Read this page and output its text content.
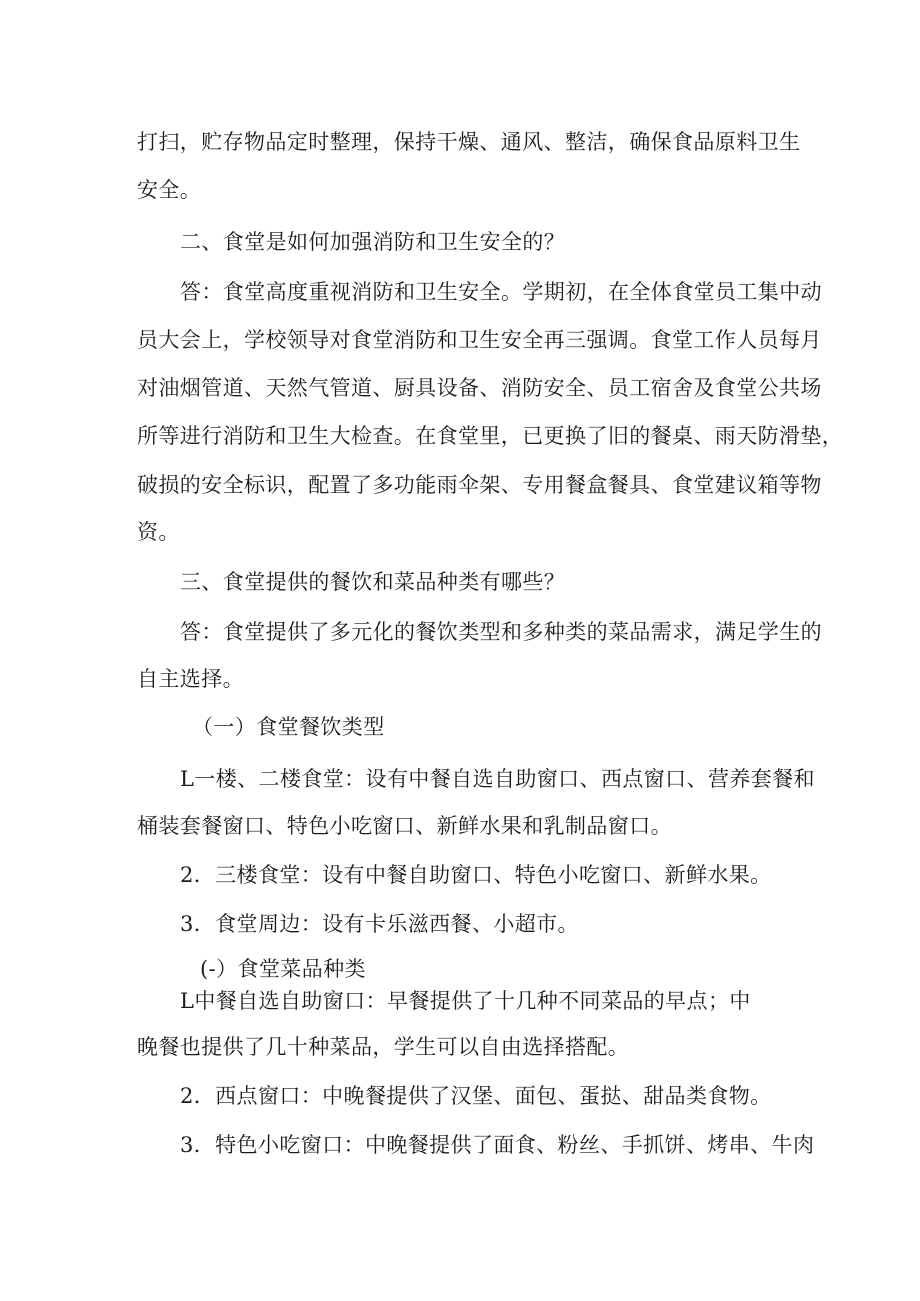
打扫，贮存物品定时整理，保持干燥、通风、整洁，确保食品原料卫生
安全。
二、食堂是如何加强消防和卫生安全的？
答：食堂高度重视消防和卫生安全。学期初，在全体食堂员工集中动
员大会上，学校领导对食堂消防和卫生安全再三强调。食堂工作人员每月
对油烟管道、天然气管道、厨具设备、消防安全、员工宿舍及食堂公共场
所等进行消防和卫生大检查。在食堂里，已更换了旧的餐桌、雨天防滑垫，
破损的安全标识，配置了多功能雨伞架、专用餐盒餐具、食堂建议箱等物
资。
三、食堂提供的餐饮和菜品种类有哪些？
答：食堂提供了多元化的餐饮类型和多种类的菜品需求，满足学生的
自主选择。
（一）食堂餐饮类型
L一楼、二楼食堂：设有中餐自选自助窗口、西点窗口、营养套餐和
桶装套餐窗口、特色小吃窗口、新鲜水果和乳制品窗口。
2．三楼食堂：设有中餐自助窗口、特色小吃窗口、新鲜水果。
3．食堂周边：设有卡乐滋西餐、小超市。
(-）食堂菜品种类
L中餐自选自助窗口：早餐提供了十几种不同菜品的早点；中
晚餐也提供了几十种菜品，学生可以自由选择搭配。
2．西点窗口：中晚餐提供了汉堡、面包、蛋挞、甜品类食物。
3．特色小吃窗口：中晚餐提供了面食、粉丝、手抓饼、烤串、牛肉
